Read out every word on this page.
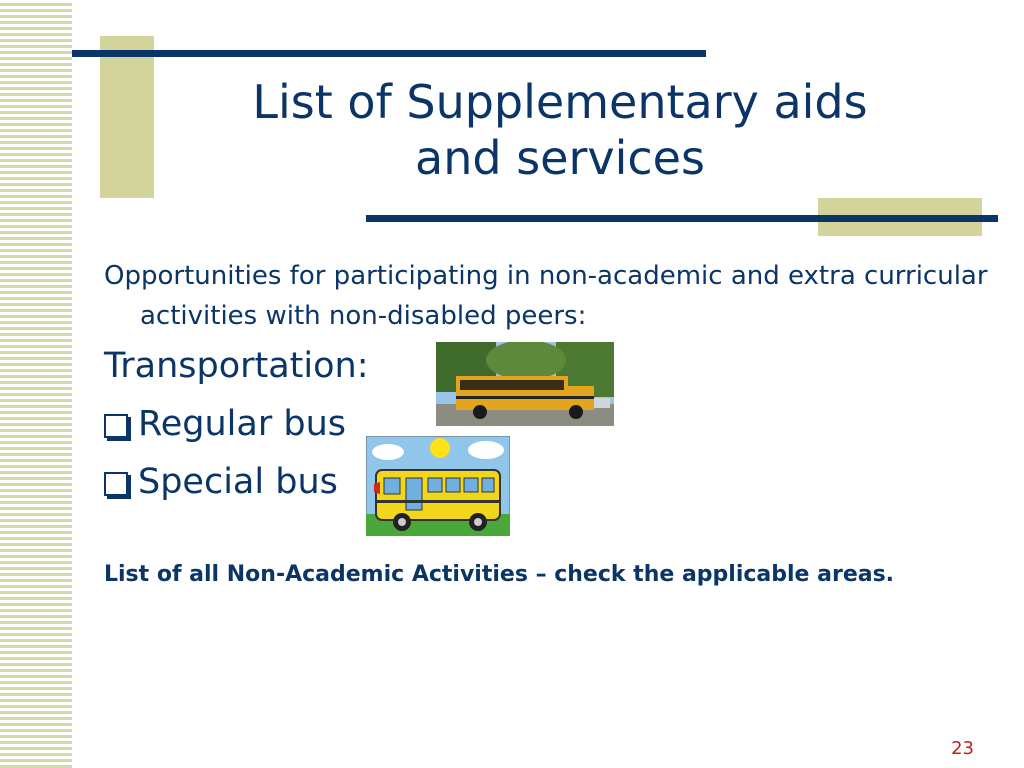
List of Supplementary aids
and services
Opportunities for participating in non-academic and extra curricular activities with non-disabled peers:
Transportation:
Regular bus
Special bus
List of all Non-Academic Activities – check the applicable areas.
23
